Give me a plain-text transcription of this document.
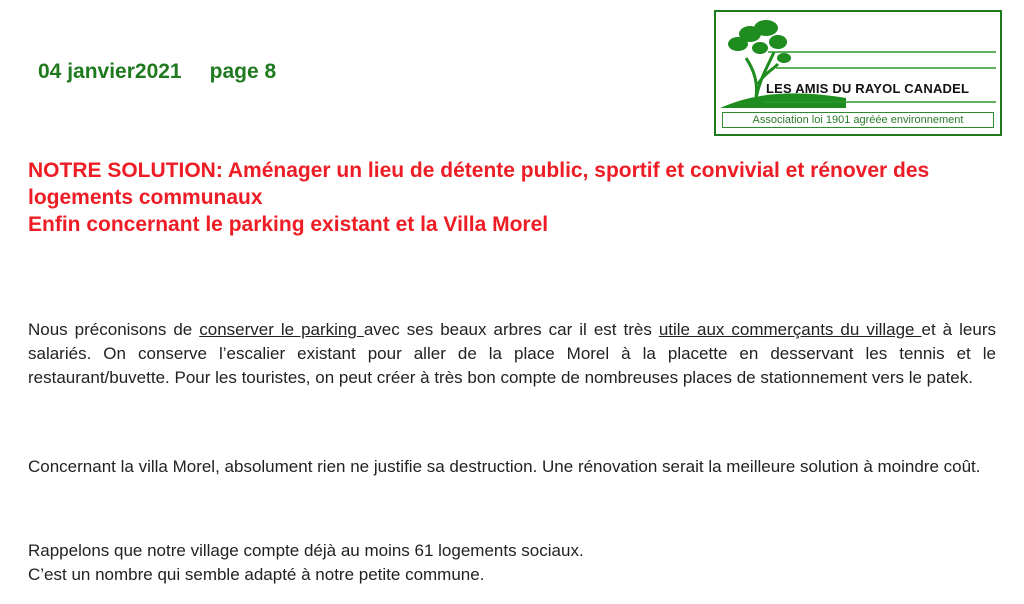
04 janvier2021 page 8
LES AMIS DU RAYOL CANADEL
Association loi 1901 agréée environnement
NOTRE SOLUTION: Aménager un lieu de détente public, sportif et convivial et rénover des
logements communaux
Enfin concernant le parking existant et la Villa Morel
Nous préconisons de conserver le parking avec ses beaux arbres car il est très utile aux commerçants du village et à leurs salariés. On conserve l’escalier existant pour aller de la place Morel à la placette en desservant les tennis et le restaurant/buvette. Pour les touristes, on peut créer à très bon compte de nombreuses places de stationnement vers le patek.
Concernant la villa Morel, absolument rien ne justifie sa destruction. Une rénovation serait la meilleure solution à moindre coût.
Rappelons que notre village compte déjà au moins 61 logements sociaux.
C’est un nombre qui semble adapté à notre petite commune.
